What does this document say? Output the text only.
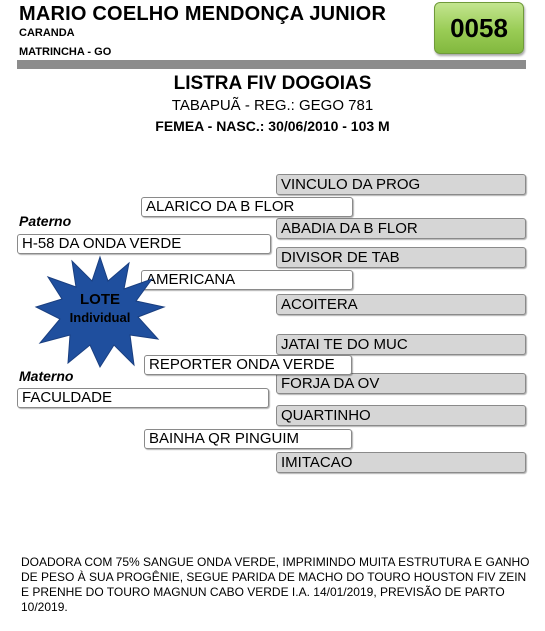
MARIO COELHO MENDONÇA JUNIOR
CARANDA
MATRINCHA - GO
0058
LISTRA FIV DOGOIAS
TABAPUÃ - REG.: GEGO 781
FEMEA - NASC.: 30/06/2010 - 103 M
Paterno
Materno
VINCULO DA PROG
ABADIA DA B FLOR
DIVISOR DE TAB
ACOITERA
JATAI TE DO MUC
FORJA DA OV
QUARTINHO
IMITACAO
ALARICO DA B FLOR
AMERICANA
REPORTER ONDA VERDE
BAINHA QR PINGUIM
H-58 DA ONDA VERDE
FACULDADE
LOTE
Individual
DOADORA COM 75% SANGUE ONDA VERDE, IMPRIMINDO MUITA ESTRUTURA E GANHO DE PESO À SUA PROGÊNIE, SEGUE PARIDA DE MACHO DO TOURO HOUSTON FIV ZEIN E PRENHE DO TOURO MAGNUN CABO VERDE I.A. 14/01/2019, PREVISÃO DE PARTO 10/2019.
